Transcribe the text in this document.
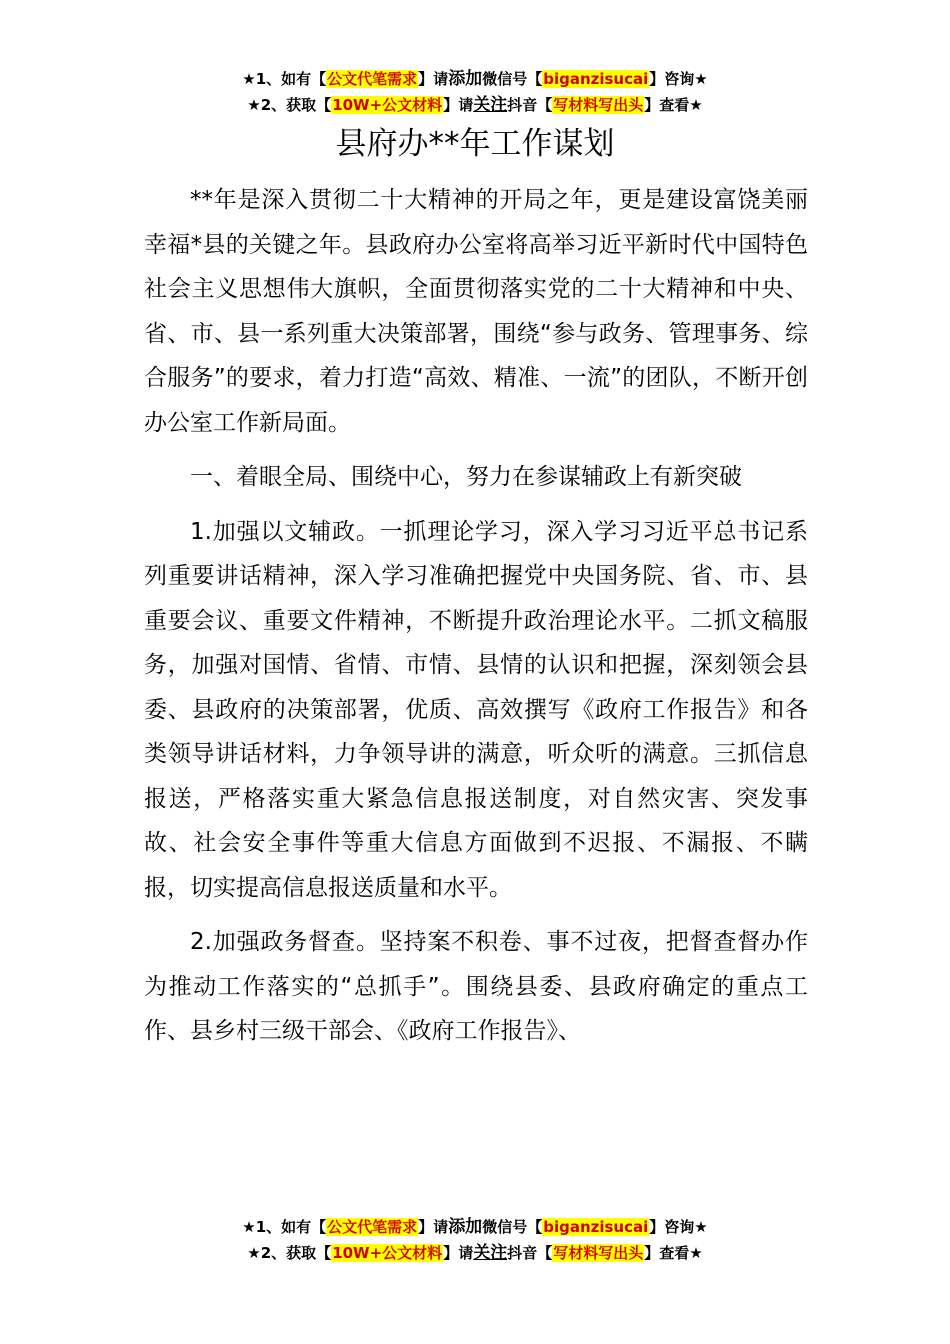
★1、如有【公文代笔需求】请添加微信号【biganzisucai】咨询★
★2、获取【10W+公文材料】请关注抖音【写材料写出头】查看★
县府办**年工作谋划

**年是深入贯彻二十大精神的开局之年，更是建设富饶美丽幸福*县的关键之年。县政府办公室将高举习近平新时代中国特色社会主义思想伟大旗帜，全面贯彻落实党的二十大精神和中央、省、市、县一系列重大决策部署，围绕“参与政务、管理事务、综合服务”的要求，着力打造“高效、精准、一流”的团队，不断开创办公室工作新局面。

一、着眼全局、围绕中心，努力在参谋辅政上有新突破

1.加强以文辅政。一抓理论学习，深入学习习近平总书记系列重要讲话精神，深入学习准确把握党中央国务院、省、市、县重要会议、重要文件精神，不断提升政治理论水平。二抓文稿服务，加强对国情、省情、市情、县情的认识和把握，深刻领会县委、县政府的决策部署，优质、高效撰写《政府工作报告》和各类领导讲话材料，力争领导讲的满意，听众听的满意。三抓信息报送，严格落实重大紧急信息报送制度，对自然灾害、突发事故、社会安全事件等重大信息方面做到不迟报、不漏报、不瞒报，切实提高信息报送质量和水平。

2.加强政务督查。坚持案不积卷、事不过夜，把督查督办作为推动工作落实的“总抓手”。围绕县委、县政府确定的重点工作、县乡村三级干部会、《政府工作报告》、

★1、如有【公文代笔需求】请添加微信号【biganzisucai】咨询★
★2、获取【10W+公文材料】请关注抖音【写材料写出头】查看★
